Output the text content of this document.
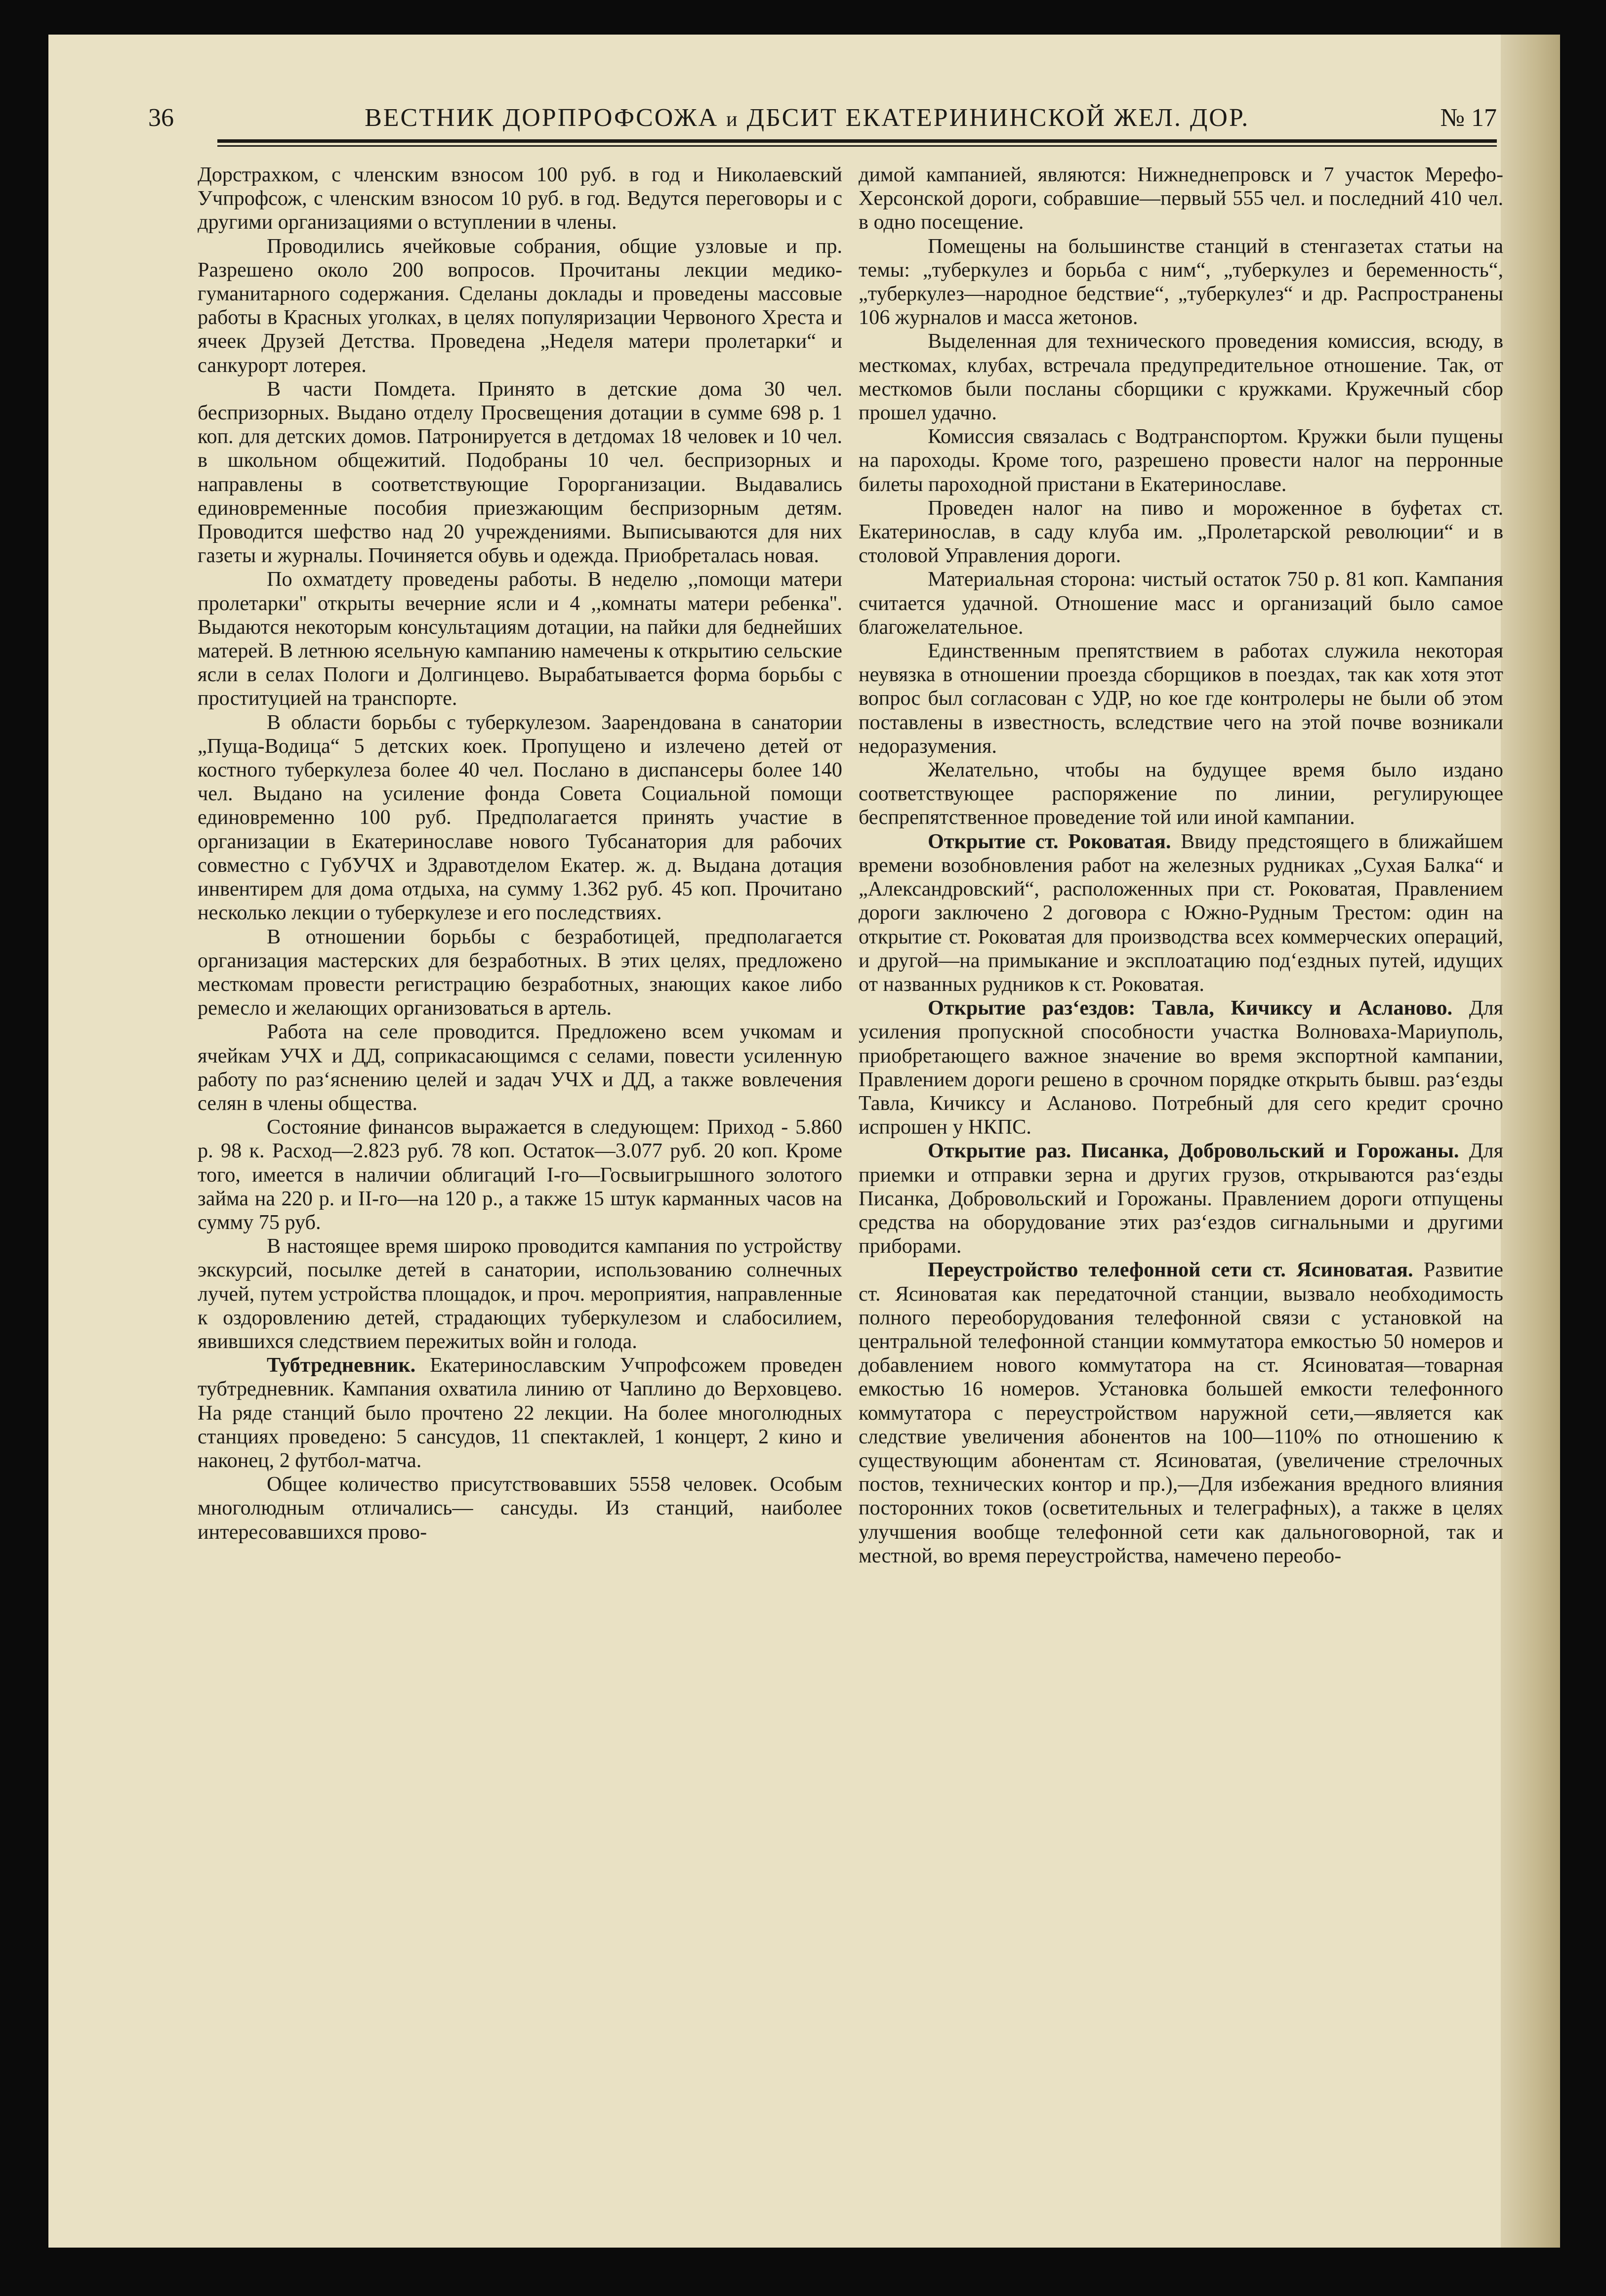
36	ВЕСТНИК ДОРПРОФСОЖА и ДБСИТ ЕКАТЕРИНИНСКОЙ ЖЕЛ. ДОР.	№ 17

Дорстрахком, с членским взносом 100 руб. в год и Николаевский Учпрофсож, с членским взносом 10 руб. в год. Ведутся переговоры и с другими организациями о вступлении в члены.

Проводились ячейковые собрания, общие узловые и пр. Разрешено около 200 вопросов. Прочитаны лекции медико-гуманитарного содержания. Сделаны доклады и проведены массовые работы в Красных уголках, в целях популяризации Червоного Хреста и ячеек Друзей Детства. Проведена „Неделя матери пролетарки“ и санкурорт лотерея.

В части Помдета. Принято в детские дома 30 чел. беспризорных. Выдано отделу Просвещения дотации в сумме 698 р. 1 коп. для детских домов. Патронируется в детдомах 18 человек и 10 чел. в школьном общежитий. Подобраны 10 чел. беспризорных и направлены в соответствующие Горорганизации. Выдавались единовременные пособия приезжающим беспризорным детям. Проводится шефство над 20 учреждениями. Выписываются для них газеты и журналы. Починяется обувь и одежда. Приобреталась новая.

По охматдету проведены работы. В неделю ,,помощи матери пролетарки'' открыты вечерние ясли и 4 ,,комнаты матери ребенка''. Выдаются некоторым консультациям дотации, на пайки для беднейших матерей. В летнюю ясельную кампанию намечены к открытию сельские ясли в селах Пологи и Долгинцево. Вырабатывается форма борьбы с проституцией на транспорте.

В области борьбы с туберкулезом. Заарендована в санатории „Пуща-Водица“ 5 детских коек. Пропущено и излечено детей от костного туберкулеза более 40 чел. Послано в диспансеры более 140 чел. Выдано на усиление фонда Совета Социальной помощи единовременно 100 руб. Предполагается принять участие в организации в Екатеринославе нового Тубсанатория для рабочих совместно с ГубУЧХ и Здравотделом Екатер. ж. д. Выдана дотация инвентирем для дома отдыха, на сумму 1.362 руб. 45 коп. Прочитано несколько лекции о туберкулезе и его последствиях.

В отношении борьбы с безработицей, предполагается организация мастерских для безработных. В этих целях, предложено месткомам провести регистрацию безработных, знающих какое либо ремесло и желающих организоваться в артель.

Работа на селе проводится. Предложено всем учкомам и ячейкам УЧХ и ДД, соприкасающимся с селами, повести усиленную работу по раз‘яснению целей и задач УЧХ и ДД, а также вовлечения селян в члены общества.

Состояние финансов выражается в следующем: Приход - 5.860 р. 98 к. Расход—2.823 руб. 78 коп. Остаток—3.077 руб. 20 коп. Кроме того, имеется в наличии облигаций I-го—Госвыигрышного золотого займа на 220 р. и II-го—на 120 р., а также 15 штук карманных часов на сумму 75 руб.

В настоящее время широко проводится кампания по устройству экскурсий, посылке детей в санатории, использованию солнечных лучей, путем устройства площадок, и проч. мероприятия, направленные к оздоровлению детей, страдающих туберкулезом и слабосилием, явившихся следствием пережитых войн и голода.

Тубтредневник. Екатеринославским Учпрофсожем проведен тубтредневник. Кампания охватила линию от Чаплино до Верховцево. На ряде станций было прочтено 22 лекции. На более многолюдных станциях проведено: 5 сансудов, 11 спектаклей, 1 концерт, 2 кино и наконец, 2 футбол-матча.

Общее количество присутствовавших 5558 человек. Особым многолюдным отличались— сансуды. Из станций, наиболее интересовавшихся прово-

димой кампанией, являются: Нижнеднепровск и 7 участок Мерефо-Херсонской дороги, собравшие—первый 555 чел. и последний 410 чел. в одно посещение.

Помещены на большинстве станций в стенгазетах статьи на темы: „туберкулез и борьба с ним“, „туберкулез и беременность“, „туберкулез—народное бедствие“, „туберкулез“ и др. Распространены 106 журналов и масса жетонов.

Выделенная для технического проведения комиссия, всюду, в месткомах, клубах, встречала предупредительное отношение. Так, от месткомов были посланы сборщики с кружками. Кружечный сбор прошел удачно.

Комиссия связалась с Водтранспортом. Кружки были пущены на пароходы. Кроме того, разрешено провести налог на перронные билеты пароходной пристани в Екатеринославе.

Проведен налог на пиво и мороженное в буфетах ст. Екатеринослав, в саду клуба им. „Пролетарской революции“ и в столовой Управления дороги.

Материальная сторона: чистый остаток 750 р. 81 коп. Кампания считается удачной. Отношение масс и организаций было самое благожелательное.

Единственным препятствием в работах служила некоторая неувязка в отношении проезда сборщиков в поездах, так как хотя этот вопрос был согласован с УДР, но кое где контролеры не были об этом поставлены в известность, вследствие чего на этой почве возникали недоразумения.

Желательно, чтобы на будущее время было издано соответствующее распоряжение по линии, регулирующее беспрепятственное проведение той или иной кампании.

Открытие ст. Роковатая. Ввиду предстоящего в ближайшем времени возобновления работ на железных рудниках „Сухая Балка“ и „Александровский“, расположенных при ст. Роковатая, Правлением дороги заключено 2 договора с Южно-Рудным Трестом: один на открытие ст. Роковатая для производства всех коммерческих операций, и другой—на примыкание и эксплоатацию под‘ездных путей, идущих от названных рудников к ст. Роковатая.

Открытие раз‘ездов: Тавла, Кичиксу и Асланово. Для усиления пропускной способности участка Волноваха-Мариуполь, приобретающего важное значение во время экспортной кампании, Правлением дороги решено в срочном порядке открыть бывш. раз‘езды Тавла, Кичиксу и Асланово. Потребный для сего кредит срочно испрошен у НКПС.

Открытие раз. Писанка, Добровольский и Горожаны. Для приемки и отправки зерна и других грузов, открываются раз‘езды Писанка, Добровольский и Горожаны. Правлением дороги отпущены средства на оборудование этих раз‘ездов сигнальными и другими приборами.

Переустройство телефонной сети ст. Ясиноватая. Развитие ст. Ясиноватая как передаточной станции, вызвало необходимость полного переоборудования телефонной связи с установкой на центральной телефонной станции коммутатора емкостью 50 номеров и добавлением нового коммутатора на ст. Ясиноватая—товарная емкостью 16 номеров. Установка большей емкости телефонного коммутатора с переустройством наружной сети,—является как следствие увеличения абонентов на 100—110% по отношению к существующим абонентам ст. Ясиноватая, (увеличение стрелочных постов, технических контор и пр.),—Для избежания вредного влияния посторонних токов (осветительных и телеграфных), а также в целях улучшения вообще телефонной сети как дальноговорной, так и местной, во время переустройства, намечено переобо-
